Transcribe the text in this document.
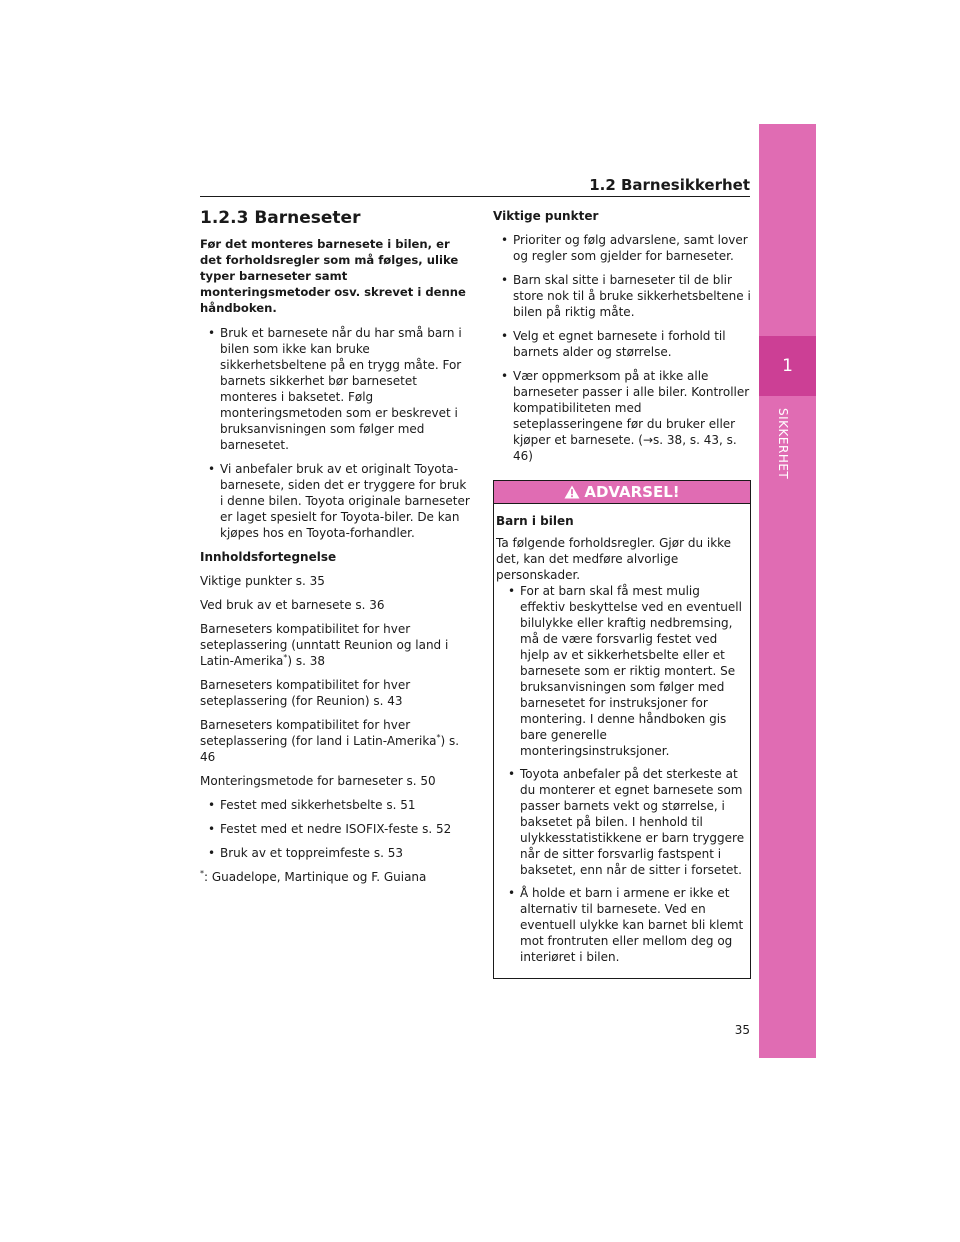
1.2 Barnesikkerhet
1
SIKKERHET
1.2.3 Barneseter

Før det monteres barnesete i bilen, er det forholdsregler som må følges, ulike typer barneseter samt monteringsmetoder osv. skrevet i denne håndboken.

• Bruk et barnesete når du har små barn i bilen som ikke kan bruke sikkerhetsbeltene på en trygg måte. For barnets sikkerhet bør barnesetet monteres i baksetet. Følg monteringsmetoden som er beskrevet i bruksanvisningen som følger med barnesetet.
• Vi anbefaler bruk av et originalt Toyota-barnesete, siden det er tryggere for bruk i denne bilen. Toyota originale barneseter er laget spesielt for Toyota-biler. De kan kjøpes hos en Toyota-forhandler.

Innholdsfortegnelse

Viktige punkter s. 35

Ved bruk av et barnesete s. 36

Barneseters kompatibilitet for hver seteplassering (unntatt Reunion og land i Latin-Amerika*) s. 38

Barneseters kompatibilitet for hver seteplassering (for Reunion) s. 43

Barneseters kompatibilitet for hver seteplassering (for land i Latin-Amerika*) s. 46

Monteringsmetode for barneseter s. 50

• Festet med sikkerhetsbelte s. 51
• Festet med et nedre ISOFIX-feste s. 52
• Bruk av et toppreimfeste s. 53

*: Guadelope, Martinique og F. Guiana

Viktige punkter

• Prioriter og følg advarslene, samt lover og regler som gjelder for barneseter.
• Barn skal sitte i barneseter til de blir store nok til å bruke sikkerhetsbeltene i bilen på riktig måte.
• Velg et egnet barnesete i forhold til barnets alder og størrelse.
• Vær oppmerksom på at ikke alle barneseter passer i alle biler. Kontroller kompatibiliteten med seteplasseringene før du bruker eller kjøper et barnesete. (→s. 38, s. 43, s. 46)
ADVARSEL!

Barn i bilen

Ta følgende forholdsregler. Gjør du ikke det, kan det medføre alvorlige personskader.

• For at barn skal få mest mulig effektiv beskyttelse ved en eventuell bilulykke eller kraftig nedbremsing, må de være forsvarlig festet ved hjelp av et sikkerhetsbelte eller et barnesete som er riktig montert. Se bruksanvisningen som følger med barnesetet for instruksjoner for montering. I denne håndboken gis bare generelle monteringsinstruksjoner.
• Toyota anbefaler på det sterkeste at du monterer et egnet barnesete som passer barnets vekt og størrelse, i baksetet på bilen. I henhold til ulykkesstatistikkene er barn tryggere når de sitter forsvarlig fastspent i baksetet, enn når de sitter i forsetet.
• Å holde et barn i armene er ikke et alternativ til barnesete. Ved en eventuell ulykke kan barnet bli klemt mot frontruten eller mellom deg og interiøret i bilen.
35
